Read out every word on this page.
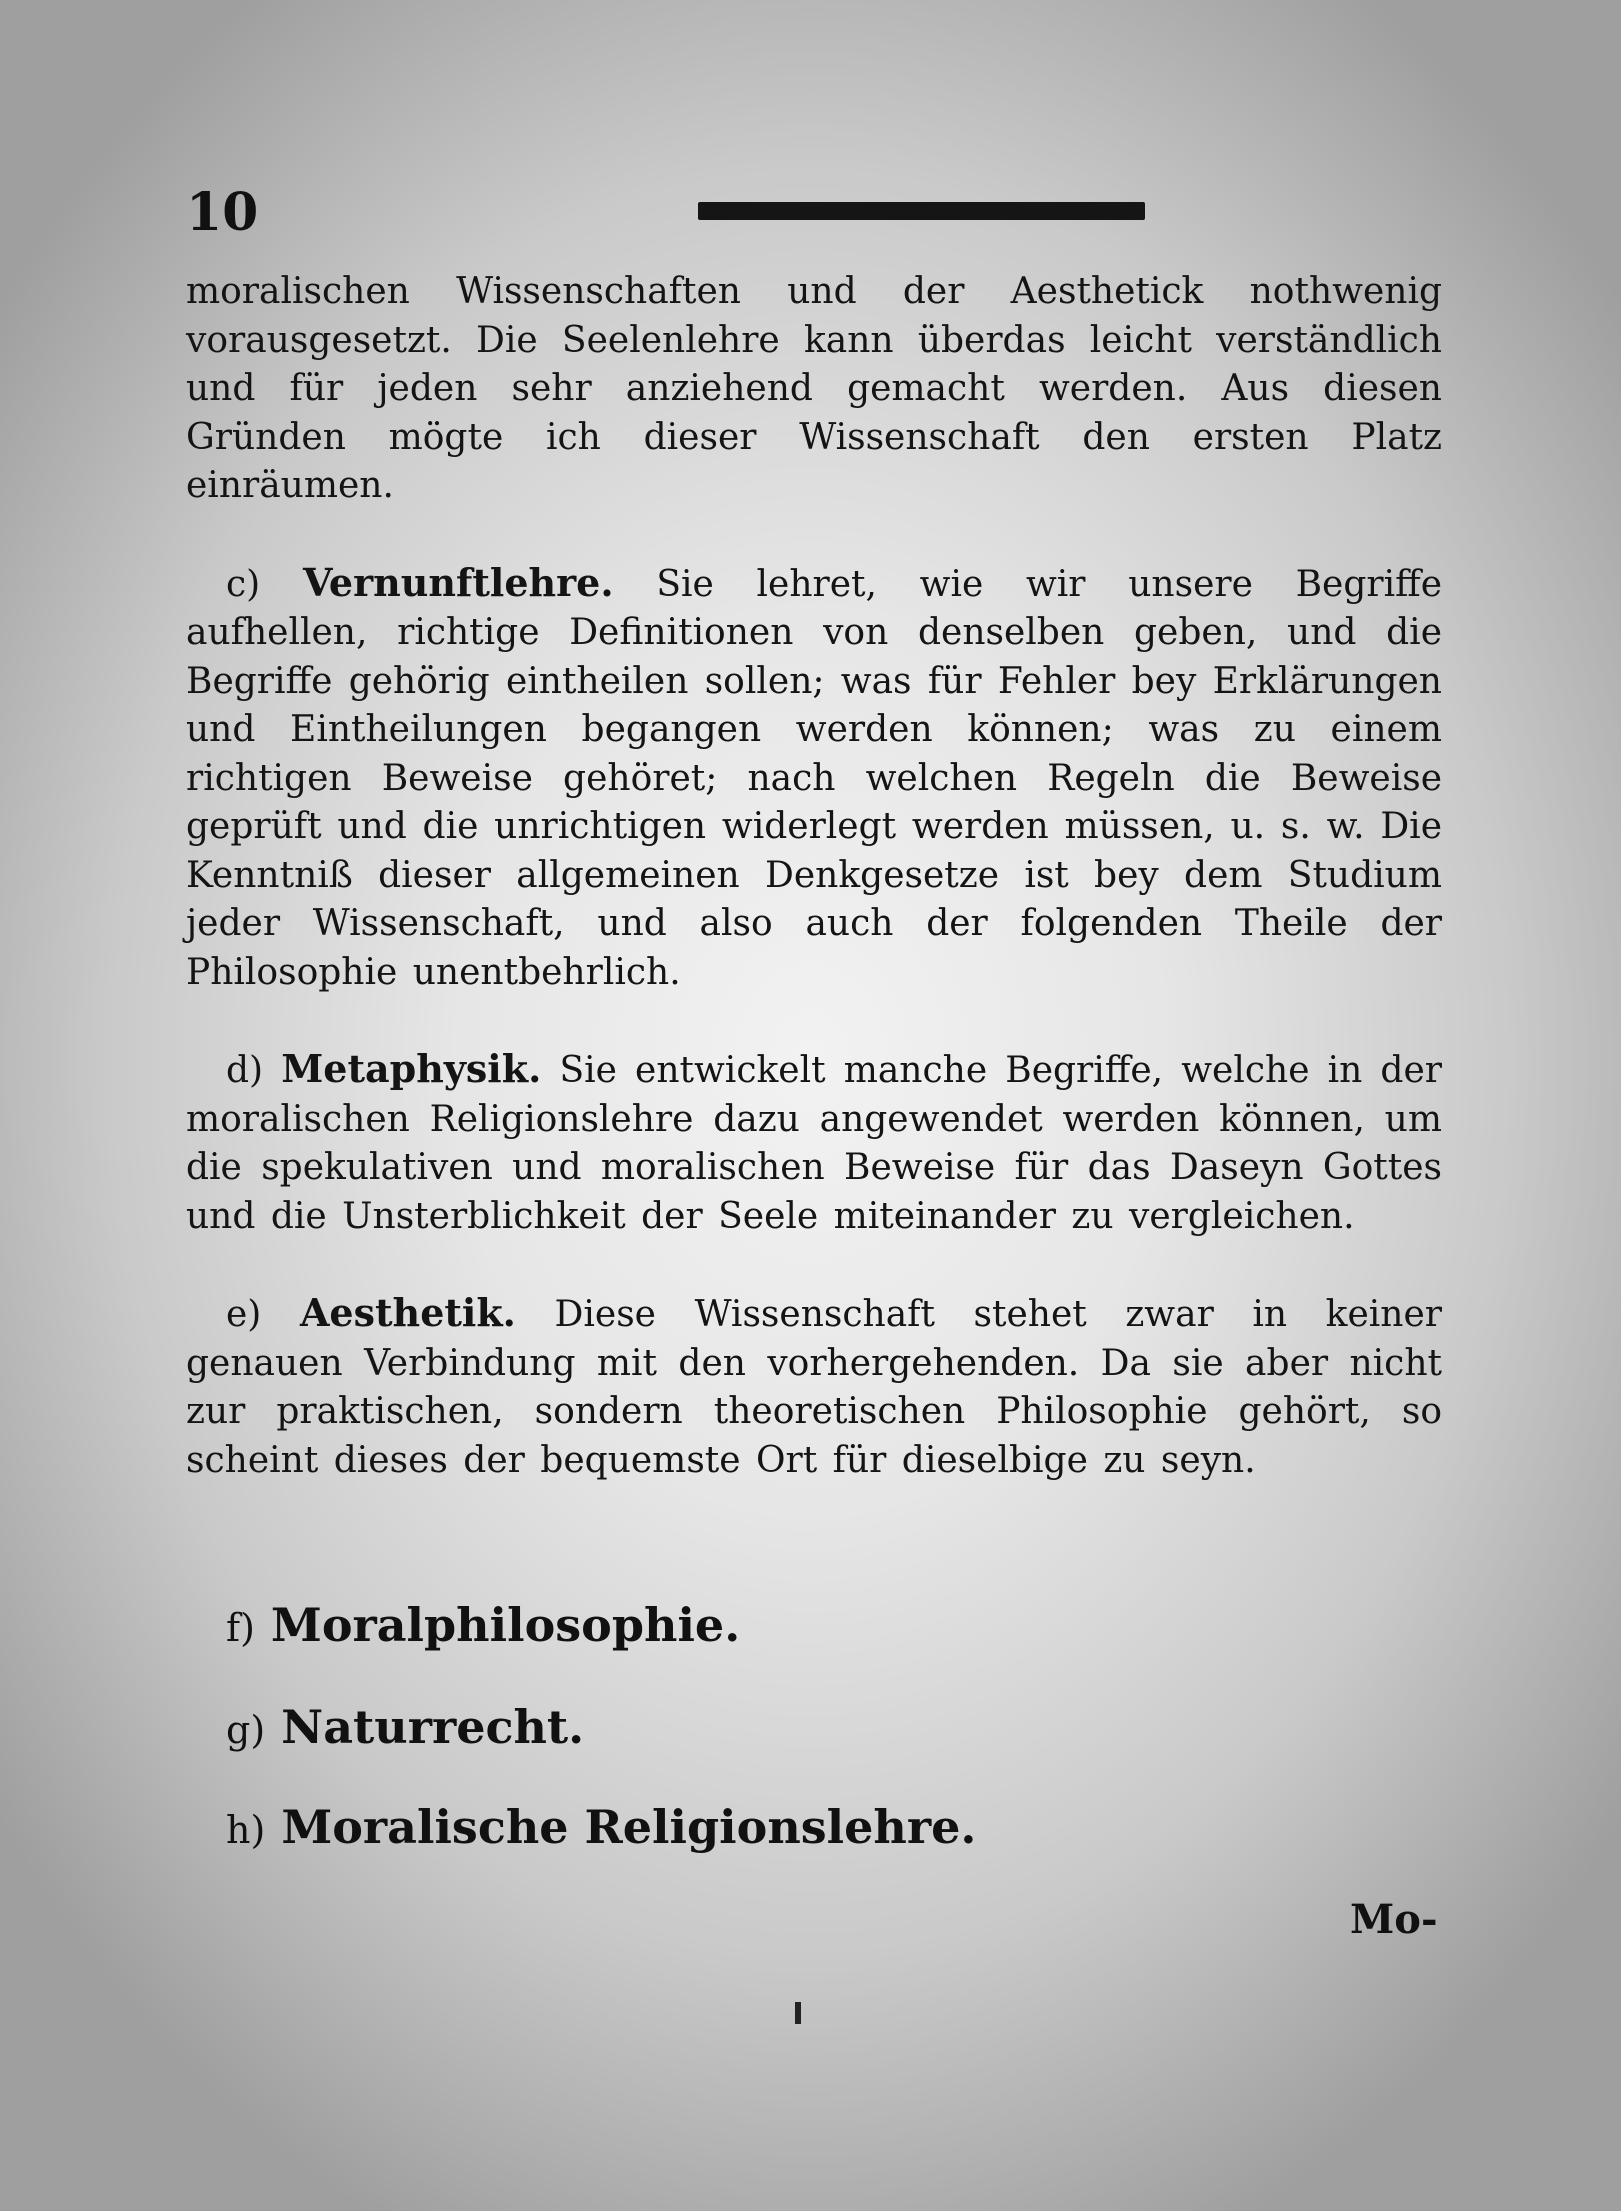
10

moralischen Wissenschaften und der Aesthetick nothwenig vorausgesetzt. Die Seelenlehre kann überdas leicht verständlich und für jeden sehr anziehend gemacht werden. Aus diesen Gründen mögte ich dieser Wissenschaft den ersten Platz einräumen.

c) Vernunftlehre. Sie lehret, wie wir unsere Begriffe aufhellen, richtige Definitionen von denselben geben, und die Begriffe gehörig eintheilen sollen; was für Fehler bey Erklärungen und Eintheilungen begangen werden können; was zu einem richtigen Beweise gehöret; nach welchen Regeln die Beweise geprüft und die unrichtigen widerlegt werden müssen, u. s. w. Die Kenntniß dieser allgemeinen Denkgesetze ist bey dem Studium jeder Wissenschaft, und also auch der folgenden Theile der Philosophie unentbehrlich.

d) Metaphysik. Sie entwickelt manche Begriffe, welche in der moralischen Religionslehre dazu angewendet werden können, um die spekulativen und moralischen Beweise für das Daseyn Gottes und die Unsterblichkeit der Seele miteinander zu vergleichen.

e) Aesthetik. Diese Wissenschaft stehet zwar in keiner genauen Verbindung mit den vorhergehenden. Da sie aber nicht zur praktischen, sondern theoretischen Philosophie gehört, so scheint dieses der bequemste Ort für dieselbige zu seyn.

f) Moralphilosophie.
g) Naturrecht.
h) Moralische Religionslehre.
Mo-
